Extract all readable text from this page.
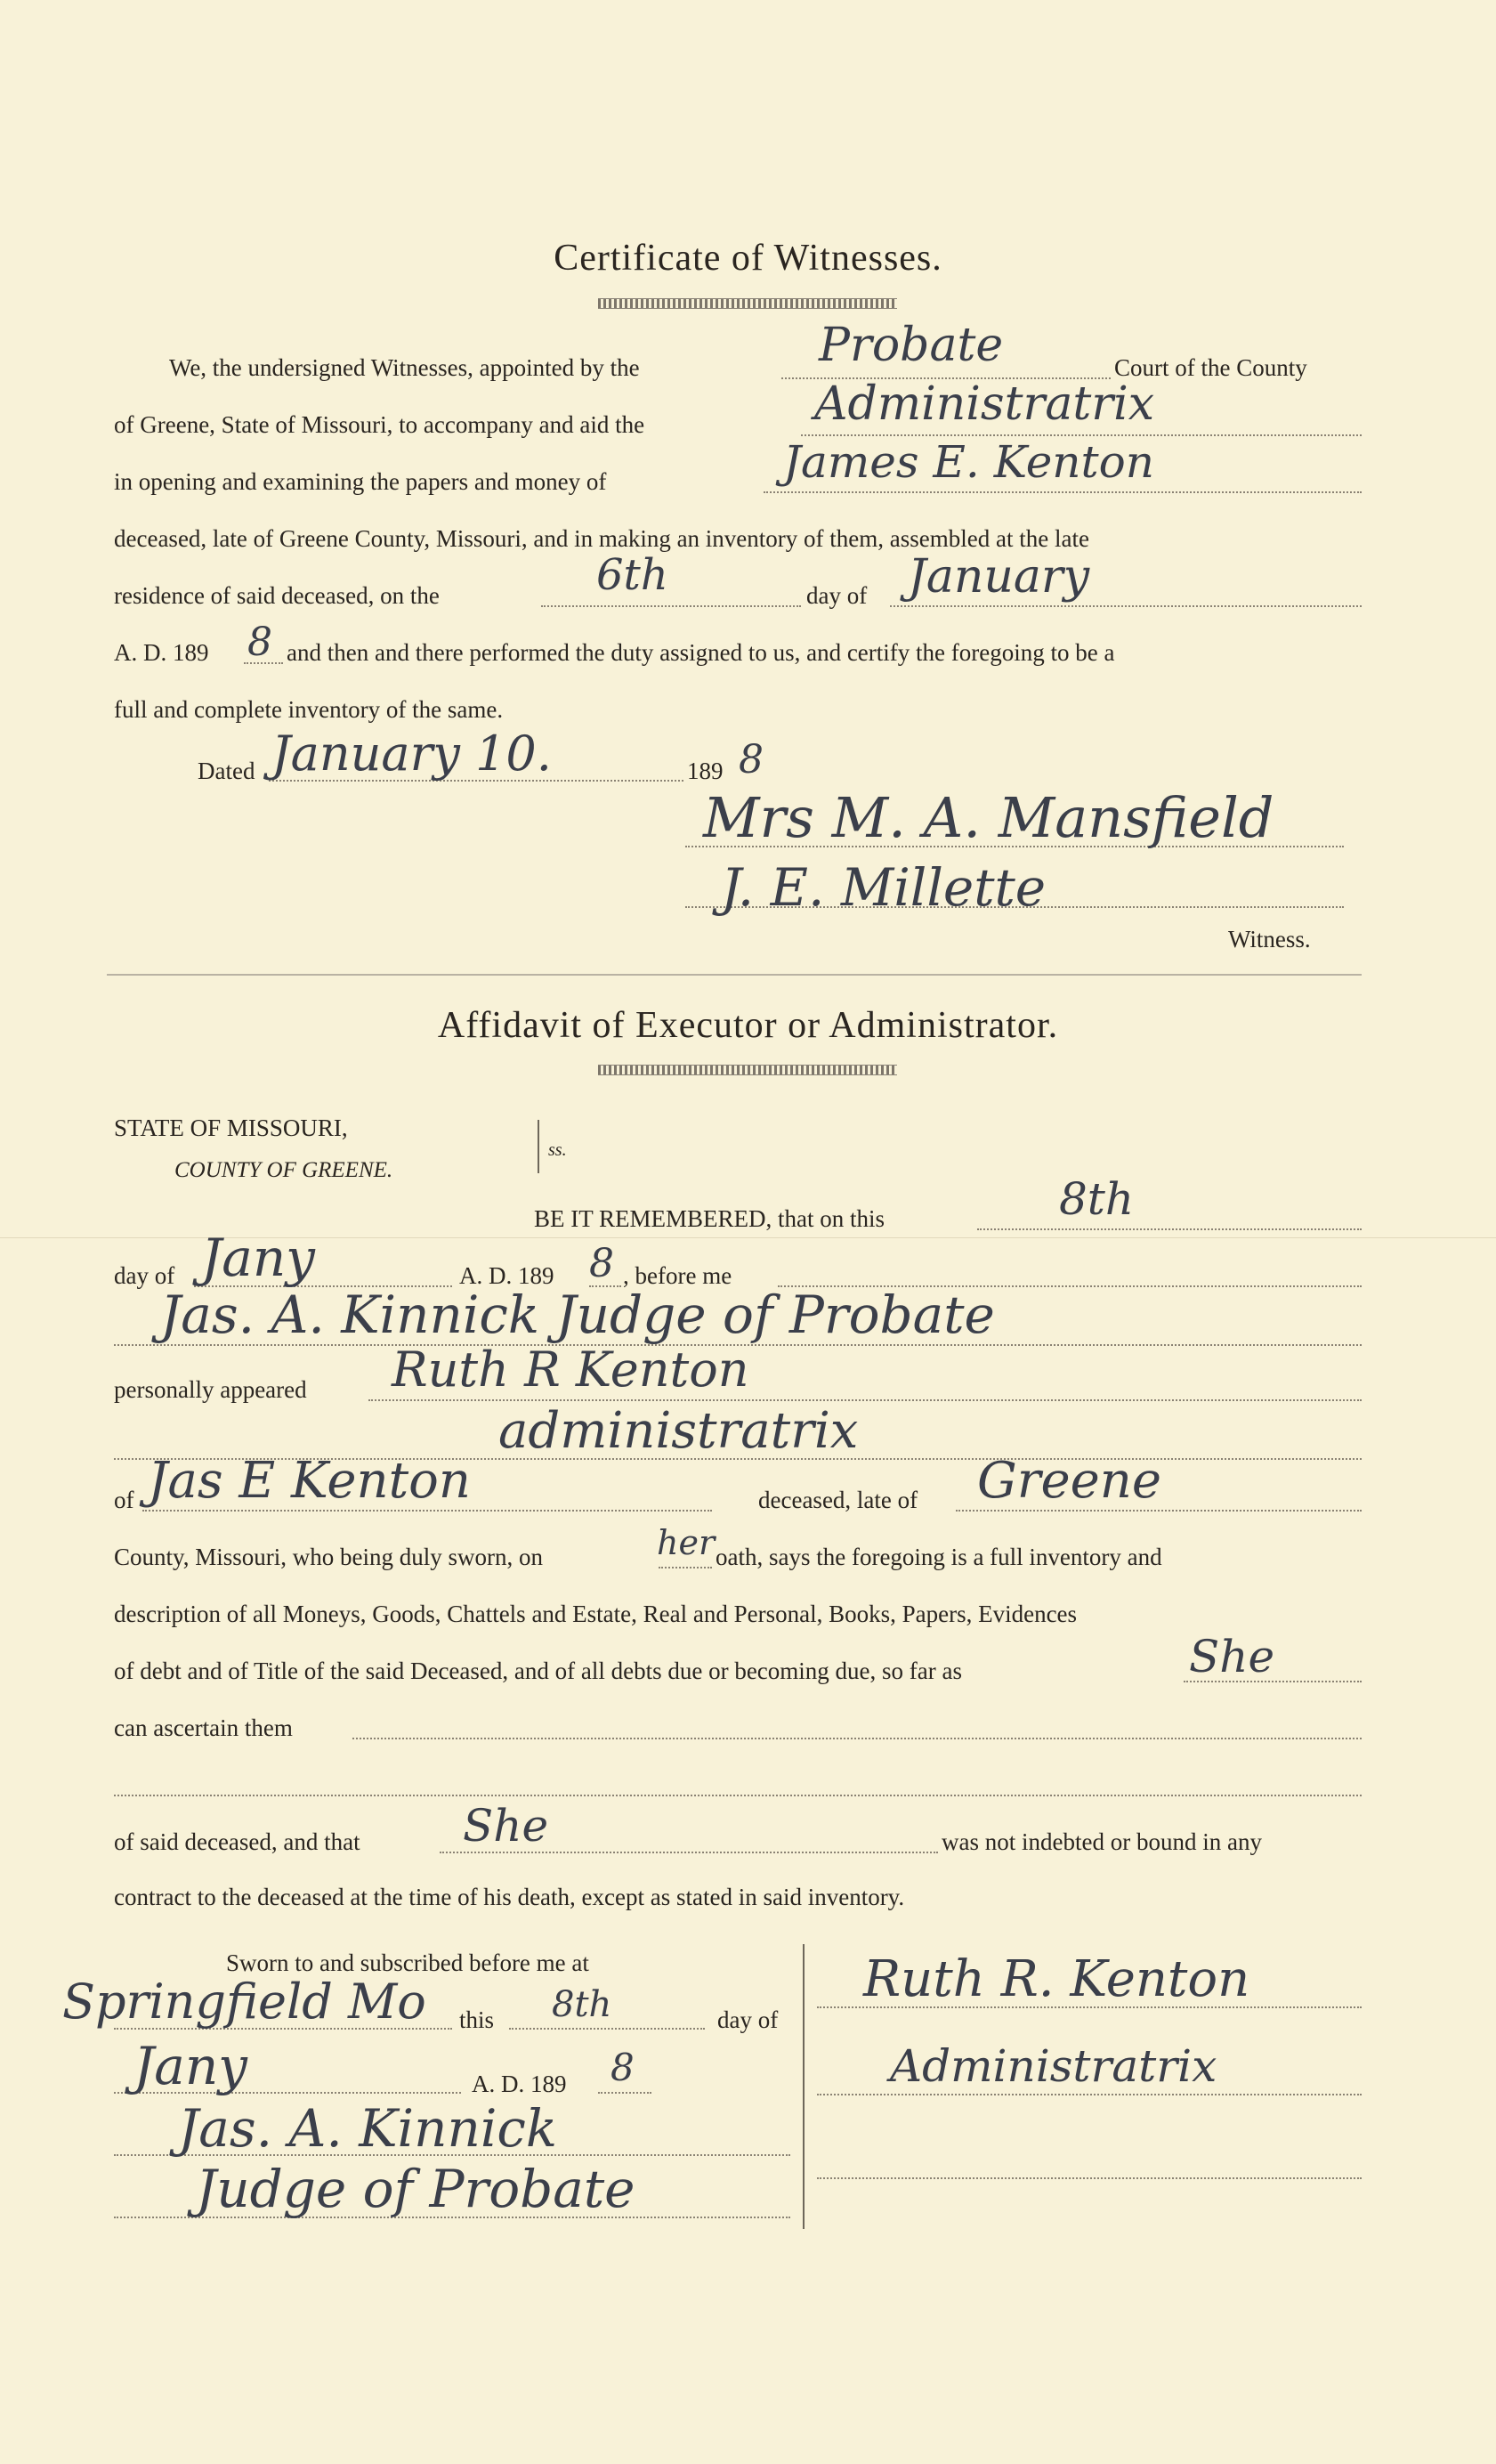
Certificate of Witnesses.
We, the undersigned Witnesses, appointed by the	Probate	Court of the County
of Greene, State of Missouri, to accompany and aid the	Administratrix
in opening and examining the papers and money of	James E. Kenton
deceased, late of Greene County, Missouri, and in making an inventory of them, assembled at the late
residence of said deceased, on the	6th	day of January
A. D. 189 8 and then and there performed the duty assigned to us, and certify the foregoing to be a
full and complete inventory of the same.
Dated January 10.	189 8
Mrs M. A. Mansfield
J. E. Millette
Witness.
Affidavit of Executor or Administrator.
STATE OF MISSOURI,
COUNTY OF GREENE.
ss.
BE IT REMEMBERED, that on this	8th
day of Jany	A. D. 189 8 , before me
Jas. A. Kinnick Judge of Probate
personally appeared Ruth R Kenton
administratrix
of Jas E Kenton	deceased, late of Greene
County, Missouri, who being duly sworn, on	her oath, says the foregoing is a full inventory and
description of all Moneys, Goods, Chattels and Estate, Real and Personal, Books, Papers, Evidences
of debt and of Title of the said Deceased, and of all debts due or becoming due, so far as	She
can ascertain them
of said deceased, and that She	was not indebted or bound in any
contract to the deceased at the time of his death, except as stated in said inventory.
Sworn to and subscribed before me at
Springfield Mo this 8th	day of
Jany	A. D. 189 8
Jas. A. Kinnick
Judge of Probate
Ruth R. Kenton
Administratrix
